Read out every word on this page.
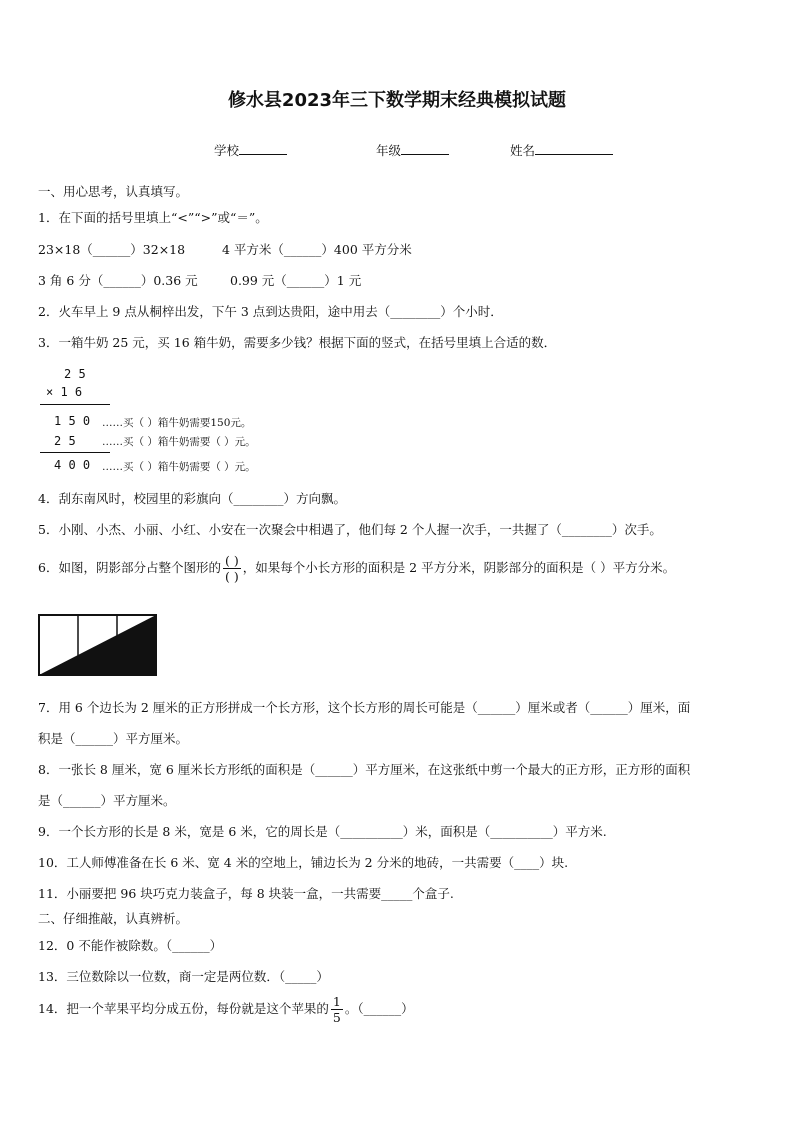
修水县2023年三下数学期末经典模拟试题
学校	年级	姓名
一、用心思考，认真填写。
1．在下面的括号里填上“<”“>”或“＝”。
23×18（______）32×18	4 平方米（______）400 平方分米
3 角 6 分（______）0.36 元	0.99 元（______）1 元
2．火车早上 9 点从桐梓出发，下午 3 点到达贵阳，途中用去（________）个小时．
3．一箱牛奶 25 元，买 16 箱牛奶，需要多少钱？根据下面的竖式，在括号里填上合适的数．
2 5
× 1 6
1 5 0 ……买（ ）箱牛奶需要150元。
2 5	……买（ ）箱牛奶需要（ ）元。
4 0 0 ……买（ ）箱牛奶需要（ ）元。
4．刮东南风时，校园里的彩旗向（________）方向飘。
5．小刚、小杰、小丽、小红、小安在一次聚会中相遇了，他们每 2 个人握一次手，一共握了（________）次手。
6．如图，阴影部分占整个图形的 $\frac{( )}{( )}$ ，如果每个小长方形的面积是 2 平方分米，阴影部分的面积是（ ）平方分米。
7．用 6 个边长为 2 厘米的正方形拼成一个长方形，这个长方形的周长可能是（______）厘米或者（______）厘米，面
积是（______）平方厘米。
8．一张长 8 厘米，宽 6 厘米长方形纸的面积是（______）平方厘米，在这张纸中剪一个最大的正方形，正方形的面积
是（______）平方厘米。
9．一个长方形的长是 8 米，宽是 6 米，它的周长是（__________）米，面积是（__________）平方米.
10．工人师傅准备在长 6 米、宽 4 米的空地上，铺边长为 2 分米的地砖，一共需要（____）块.
11．小丽要把 96 块巧克力装盒子，每 8 块装一盒，一共需要_____个盒子.
二、仔细推敲，认真辨析。
12．0 不能作被除数。（______）
13．三位数除以一位数，商一定是两位数．（_____）
14．把一个苹果平均分成五份，每份就是这个苹果的 $\frac{1}{5}$ 。（______）
